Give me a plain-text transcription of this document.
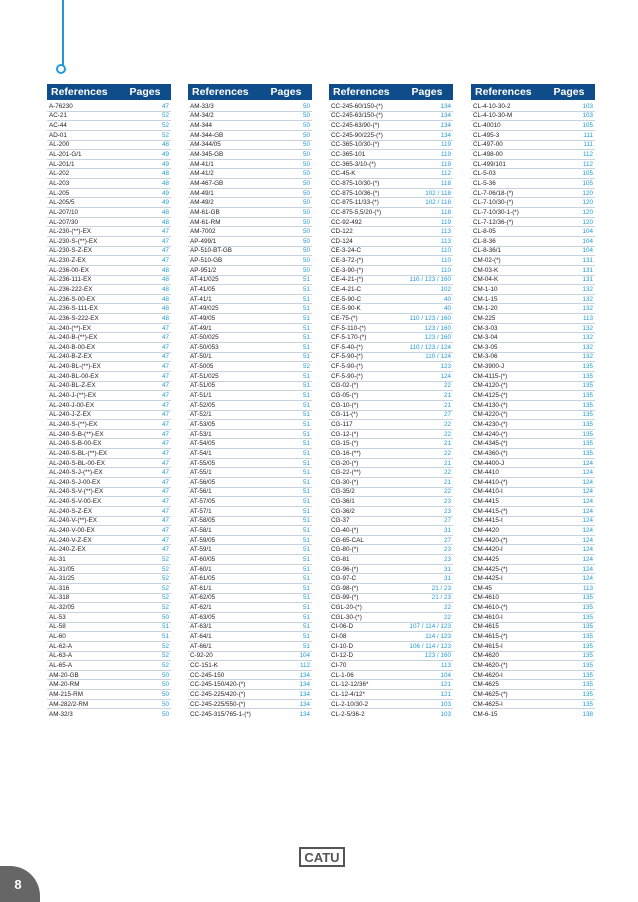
References	Pages
A-76230	47
AC-21	52
AC-44	52
AD-01	52
AL-200	48
AL-201-G/1	49
AL-201/1	49
AL-202	48
AL-203	48
AL-205	49
AL-205/5	49
AL-207/10	48
AL-207/30	48
AL-230-(**)-EX	47
AL-230-S-(**)-EX	47
AL-230-S-Z-EX	47
AL-230-Z-EX	47
AL-236-00-EX	48
AL-236-111-EX	48
AL-236-222-EX	48
AL-236-S-00-EX	48
AL-236-S-111-EX	48
AL-236-S-222-EX	48
AL-240-(**)-EX	47
AL-240-B-(**)-EX	47
AL-240-B-00-EX	47
AL-240-B-Z-EX	47
AL-240-BL-(**)-EX	47
AL-240-BL-00-EX	47
AL-240-BL-Z-EX	47
AL-240-J-(**)-EX	47
AL-240-J-00-EX	47
AL-240-J-Z-EX	47
AL-240-S-(**)-EX	47
AL-240-S-B-(**)-EX	47
AL-240-S-B-00-EX	47
AL-240-S-BL-(**)-EX	47
AL-240-S-BL-00-EX	47
AL-240-S-J-(**)-EX	47
AL-240-S-J-00-EX	47
AL-240-S-V-(**)-EX	47
AL-240-S-V-00-EX	47
AL-240-S-Z-EX	47
AL-240-V-(**)-EX	47
AL-240-V-00-EX	47
AL-240-V-Z-EX	47
AL-240-Z-EX	47
AL-31	52
AL-31/05	52
AL-31/25	52
AL-316	52
AL-318	52
AL-32/05	52
AL-53	50
AL-58	51
AL-60	51
AL-62-A	52
AL-63-A	52
AL-65-A	52
AM-20-GB	50
AM-20-RM	50
AM-215-RM	50
AM-282/2-RM	50
AM-32/3	50
References	Pages
AM-33/3	50
AM-34/2	50
AM-344	50
AM-344-GB	50
AM-344/05	50
AM-345-GB	50
AM-41/1	50
AM-41/2	50
AM-467-GB	50
AM-49/1	50
AM-49/2	50
AM-61-GB	50
AM-61-RM	50
AM-7002	50
AP-499/1	50
AP-510-BT-GB	50
AP-510-GB	50
AP-951/2	50
AT-41/025	51
AT-41/05	51
AT-41/1	51
AT-49/025	51
AT-49/05	51
AT-49/1	51
AT-50/025	51
AT-50/053	51
AT-50/1	51
AT-5005	52
AT-51/025	51
AT-51/05	51
AT-51/1	51
AT-52/05	51
AT-52/1	51
AT-53/05	51
AT-53/1	51
AT-54/05	51
AT-54/1	51
AT-55/05	51
AT-55/1	51
AT-56/05	51
AT-56/1	51
AT-57/05	51
AT-57/1	51
AT-58/05	51
AT-58/1	51
AT-59/05	51
AT-59/1	51
AT-60/05	51
AT-60/1	51
AT-61/05	51
AT-61/1	51
AT-62/05	51
AT-62/1	51
AT-63/05	51
AT-63/1	51
AT-64/1	51
AT-66/1	51
C-92-20	104
CC-151-K	112
CC-245-150	134
CC-245-150/420-(*)	134
CC-245-225/420-(*)	134
CC-245-225/550-(*)	134
CC-245-315/765-1-(*)	134
References	Pages
CC-245-60/150-(*)	134
CC-245-63/150-(*)	134
CC-245-63/90-(*)	134
CC-245-90/225-(*)	134
CC-365-10/30-(*)	119
CC-365-101	119
CC-365-3/10-(*)	119
CC-45-K	112
CC-875-10/30-(*)	118
CC-875-10/36-(*)	102 / 118
CC-875-11/33-(*)	102 / 118
CC-875-5,5/20-(*)	118
CC-92-492	119
CD-122	113
CD-124	113
CE-3-24-C	110
CE-3-72-(*)	110
CE-3-90-(*)	110
CE-4-21-(*)	110 / 123 / 160
CE-4-21-C	102
CE-5-90-C	40
CE-5-90-K	40
CE-75-(*)	110 / 123 / 160
CF-5-110-(*)	123 / 160
CF-5-170-(*)	123 / 160
CF-5-40-(*)	110 / 123 / 124
CF-5-90-(*)	110 / 124
CF-5-90-(*)	123
CF-5-90-(*)	124
CG-02-(*)	22
CG-05-(*)	21
CG-10-(*)	21
CG-11-(*)	27
CG-117	22
CG-12-(*)	22
CG-15-(*)	21
CG-16-(**)	22
CG-20-(*)	21
CG-22-(**)	22
CG-30-(*)	21
CG-35/2	22
CG-36/1	23
CG-36/2	23
CG-37	27
CG-40-(*)	31
CG-65-CAL	27
CG-80-(*)	23
CG-81	23
CG-96-(*)	31
CG-97-C	31
CG-98-(*)	21 / 23
CG-99-(*)	21 / 23
CGL-20-(*)	22
CGL-30-(*)	22
CI-06-D	107 / 114 / 123
CI-08	114 / 123
CI-10-D	106 / 114 / 123
CI-12-D	123 / 160
CI-70	113
CL-1-06	104
CL-12-12/36*	121
CL-12-4/12*	121
CL-2-10/30-2	103
CL-2-5/36-2	103
References	Pages
CL-4-10-30-2	103
CL-4-10-30-M	103
CL-40010	105
CL-495-3	111
CL-497-00	111
CL-498-00	112
CL-499/101	112
CL-5-03	105
CL-5-36	105
CL-7-06/18-(*)	120
CL-7-10/30-(*)	120
CL-7-10/30-1-(*)	120
CL-7-12/36-(*)	120
CL-8-05	104
CL-8-36	104
CL-8-36/1	104
CM-02-(*)	131
CM-03-K	131
CM-04-K	131
CM-1-10	132
CM-1-15	132
CM-1-20	132
CM-225	113
CM-3-03	132
CM-3-04	132
CM-3-05	132
CM-3-06	132
CM-3900-J	135
CM-4115-(*)	135
CM-4120-(*)	135
CM-4125-(*)	135
CM-4130-(*)	135
CM-4220-(*)	135
CM-4230-(*)	135
CM-4240-(*)	135
CM-4345-(*)	135
CM-4360-(*)	135
CM-4400-J	124
CM-4410	124
CM-4410-(*)	124
CM-4410-I	124
CM-4415	124
CM-4415-(*)	124
CM-4415-I	124
CM-4420	124
CM-4420-(*)	124
CM-4420-I	124
CM-4425	124
CM-4425-(*)	124
CM-4425-I	124
CM-45	113
CM-4610	135
CM-4610-(*)	135
CM-4610-I	135
CM-4615	135
CM-4615-(*)	135
CM-4615-I	135
CM-4620	135
CM-4620-(*)	135
CM-4620-I	135
CM-4625	135
CM-4625-(*)	135
CM-4625-I	135
CM-6-15	138
CATU
8
